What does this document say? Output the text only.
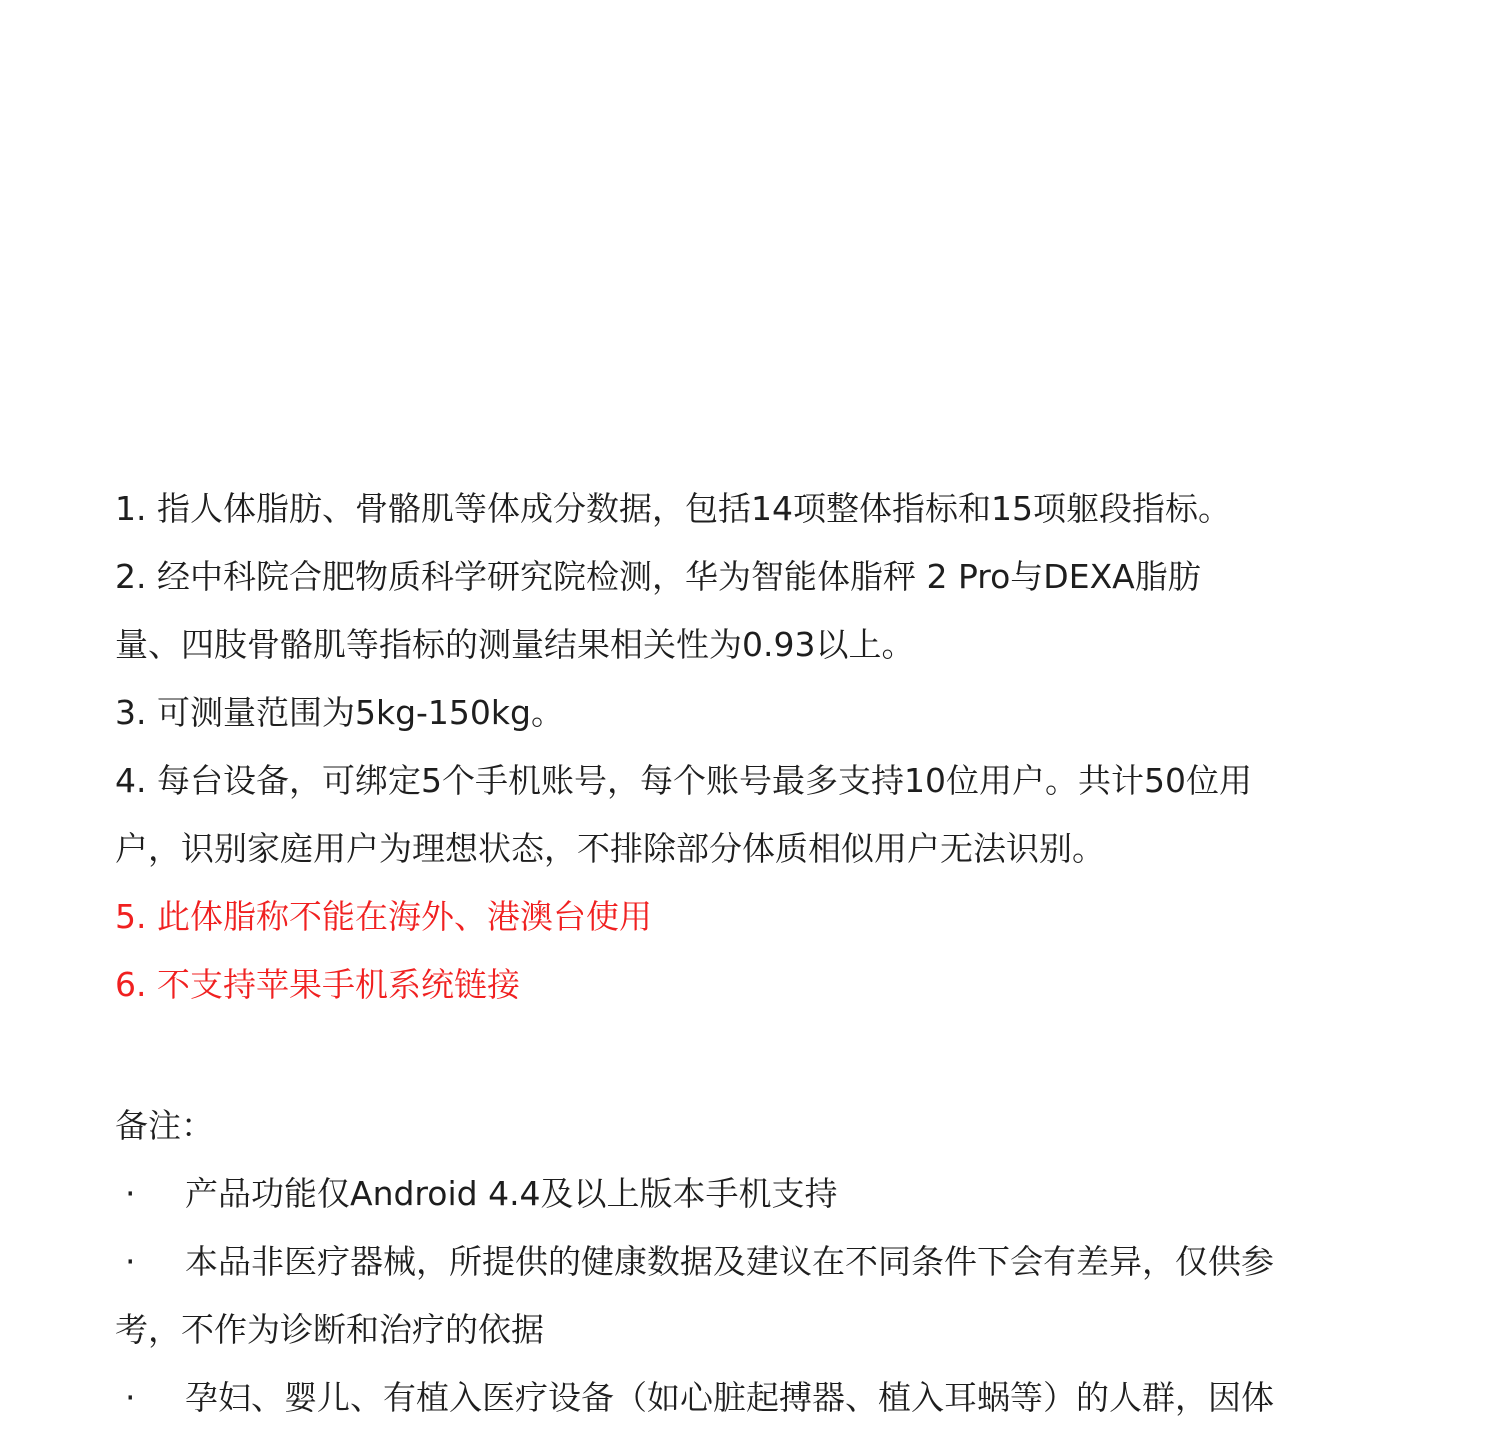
1. 指人体脂肪、骨骼肌等体成分数据，包括14项整体指标和15项躯段指标。
2. 经中科院合肥物质科学研究院检测，华为智能体脂秤 2 Pro与DEXA脂肪
量、四肢骨骼肌等指标的测量结果相关性为0.93以上。
3. 可测量范围为5kg-150kg。
4. 每台设备，可绑定5个手机账号，每个账号最多支持10位用户。共计50位用
户，识别家庭用户为理想状态，不排除部分体质相似用户无法识别。
5. 此体脂称不能在海外、港澳台使用
6. 不支持苹果手机系统链接
备注：
·	产品功能仅Android 4.4及以上版本手机支持
·	本品非医疗器械，所提供的健康数据及建议在不同条件下会有差异，仅供参
考，不作为诊断和治疗的依据
·	孕妇、婴儿、有植入医疗设备（如心脏起搏器、植入耳蜗等）的人群，因体
